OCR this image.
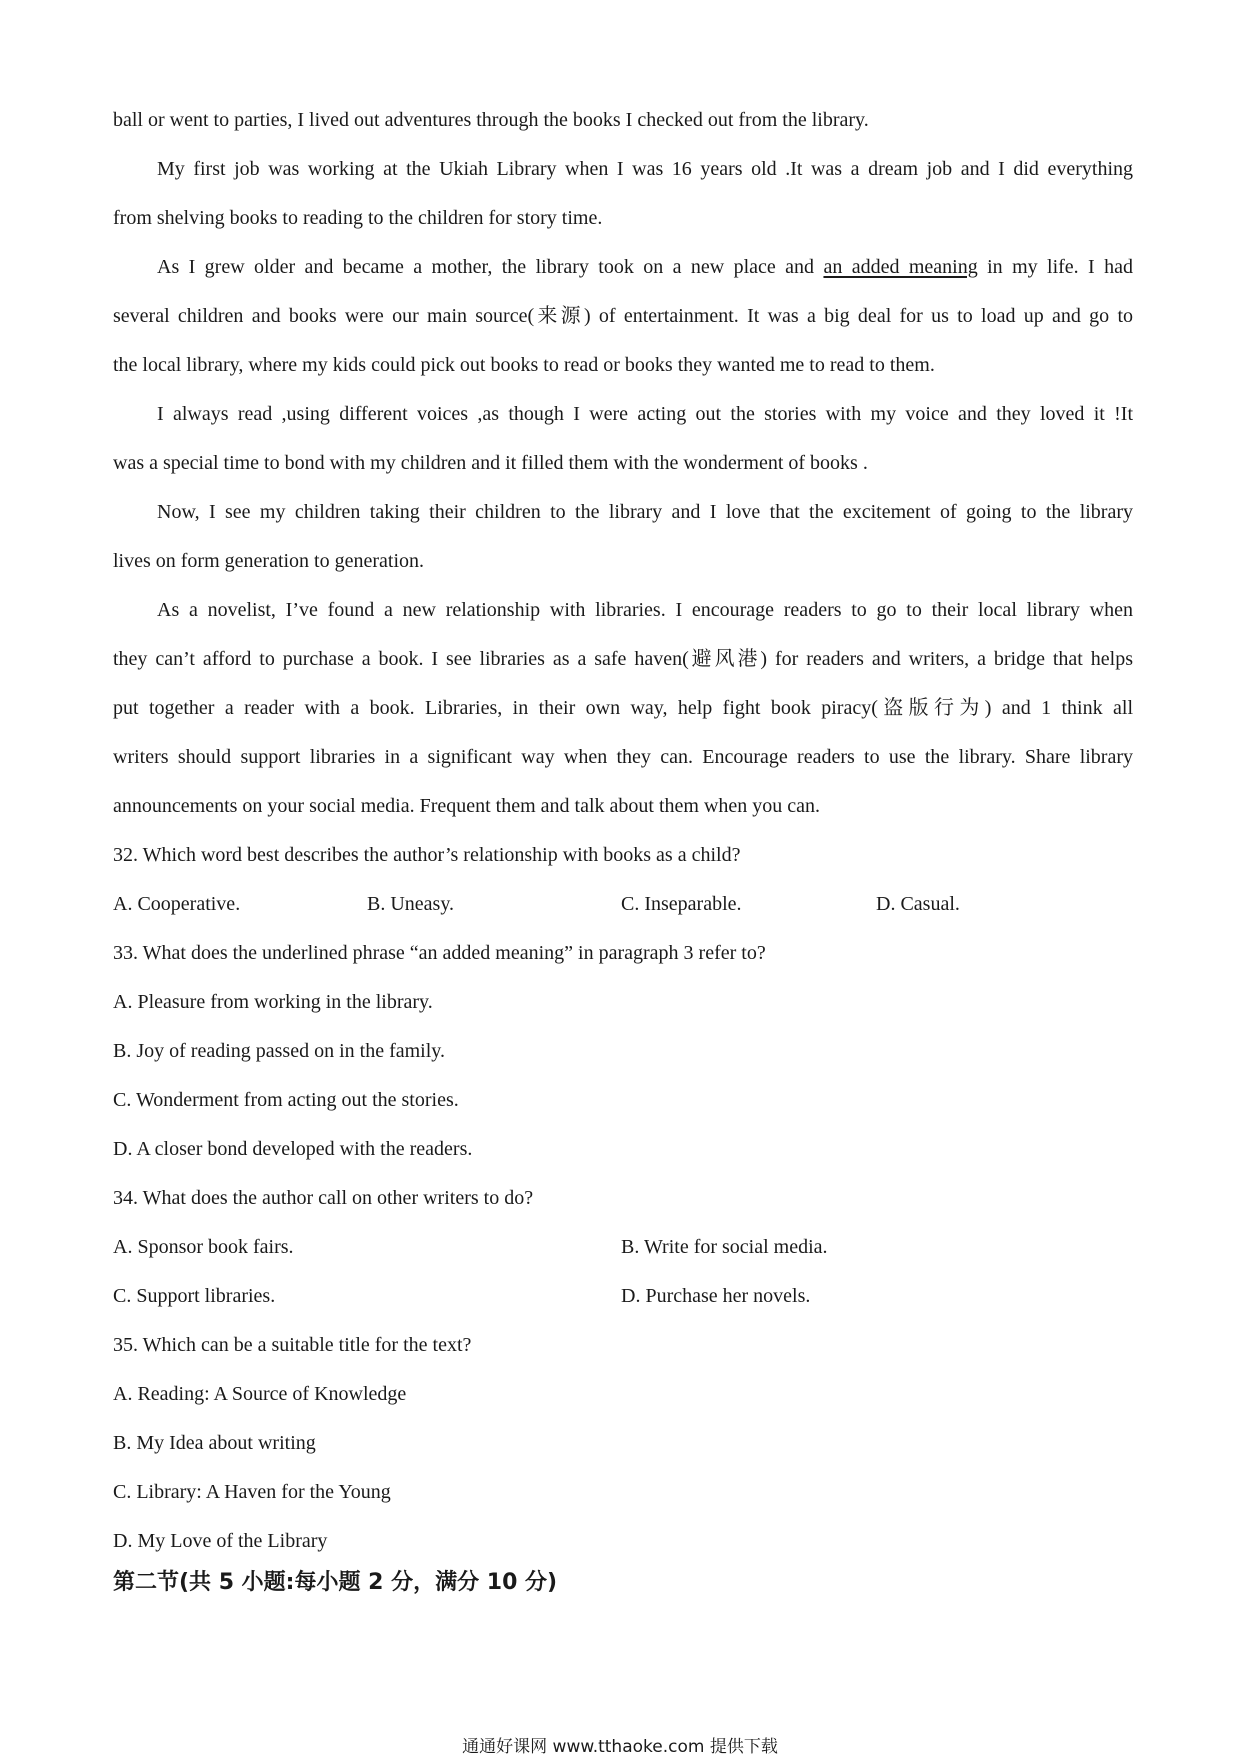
ball or went to parties, I lived out adventures through the books I checked out from the library.
My first job was working at the Ukiah Library when I was 16 years old .It was a dream job and I did everything
from shelving books to reading to the children for story time.
As I grew older and became a mother, the library took on a new place and an added meaning in my life. I had
several children and books were our main source(来源) of entertainment. It was a big deal for us to load up and go to
the local library, where my kids could pick out books to read or books they wanted me to read to them.
I always read ,using different voices ,as though I were acting out the stories with my voice and they loved it !It
was a special time to bond with my children and it filled them with the wonderment of books .
Now, I see my children taking their children to the library and I love that the excitement of going to the library
lives on form generation to generation.
As a novelist, I’ve found a new relationship with libraries. I encourage readers to go to their local library when
they can’t afford to purchase a book. I see libraries as a safe haven(避风港) for readers and writers, a bridge that helps
put together a reader with a book. Libraries, in their own way, help fight book piracy(盗版行为) and 1 think all
writers should support libraries in a significant way when they can. Encourage readers to use the library. Share library
announcements on your social media. Frequent them and talk about them when you can.
32. Which word best describes the author’s relationship with books as a child?
A. Cooperative.	B. Uneasy.	C. Inseparable.	D. Casual.
33. What does the underlined phrase “an added meaning” in paragraph 3 refer to?
A. Pleasure from working in the library.
B. Joy of reading passed on in the family.
C. Wonderment from acting out the stories.
D. A closer bond developed with the readers.
34. What does the author call on other writers to do?
A. Sponsor book fairs.	B. Write for social media.
C. Support libraries.	D. Purchase her novels.
35. Which can be a suitable title for the text?
A. Reading: A Source of Knowledge
B. My Idea about writing
C. Library: A Haven for the Young
D. My Love of the Library
第二节(共 5 小题:每小题 2 分，满分 10 分)
通通好课网 www.tthaoke.com 提供下载
